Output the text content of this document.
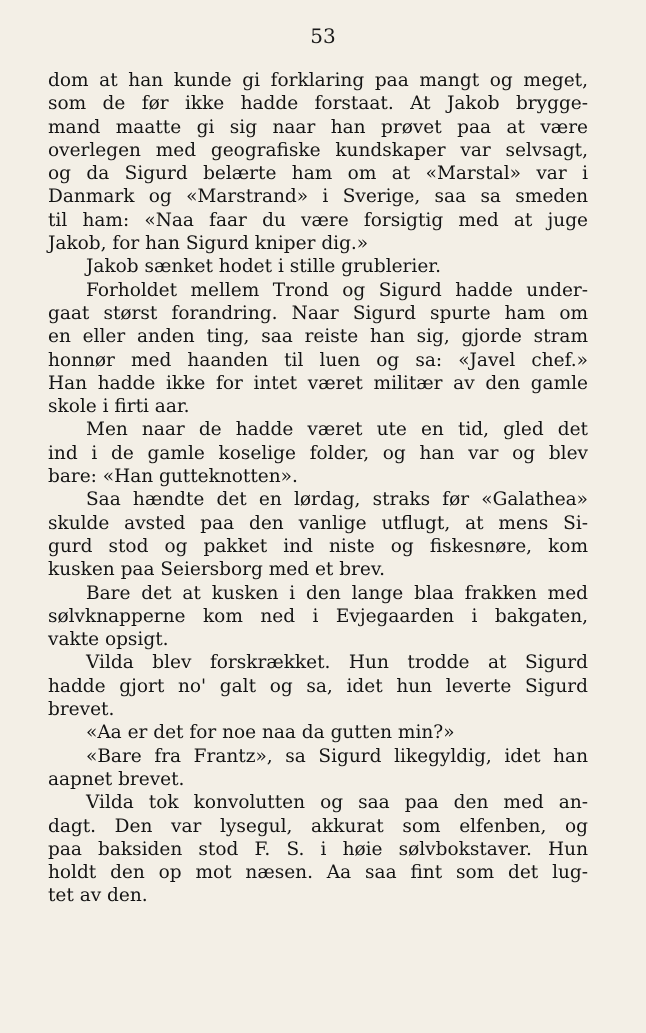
53
dom at han kunde gi forklaring paa mangt og meget,
som de før ikke hadde forstaat. At Jakob brygge-
mand maatte gi sig naar han prøvet paa at være
overlegen med geografiske kundskaper var selvsagt,
og da Sigurd belærte ham om at «Marstal» var i
Danmark og «Marstrand» i Sverige, saa sa smeden
til ham: «Naa faar du være forsigtig med at juge
Jakob, for han Sigurd kniper dig.»
Jakob sænket hodet i stille grublerier.
Forholdet mellem Trond og Sigurd hadde under-
gaat størst forandring. Naar Sigurd spurte ham om
en eller anden ting, saa reiste han sig, gjorde stram
honnør med haanden til luen og sa: «Javel chef.»
Han hadde ikke for intet været militær av den gamle
skole i firti aar.
Men naar de hadde været ute en tid, gled det
ind i de gamle koselige folder, og han var og blev
bare: «Han gutteknotten».
Saa hændte det en lørdag, straks før «Galathea»
skulde avsted paa den vanlige utflugt, at mens Si-
gurd stod og pakket ind niste og fiskesnøre, kom
kusken paa Seiersborg med et brev.
Bare det at kusken i den lange blaa frakken med
sølvknapperne kom ned i Evjegaarden i bakgaten,
vakte opsigt.
Vilda blev forskrækket. Hun trodde at Sigurd
hadde gjort no' galt og sa, idet hun leverte Sigurd
brevet.
«Aa er det for noe naa da gutten min?»
«Bare fra Frantz», sa Sigurd likegyldig, idet han
aapnet brevet.
Vilda tok konvolutten og saa paa den med an-
dagt. Den var lysegul, akkurat som elfenben, og
paa baksiden stod F. S. i høie sølvbokstaver. Hun
holdt den op mot næsen. Aa saa fint som det lug-
tet av den.
